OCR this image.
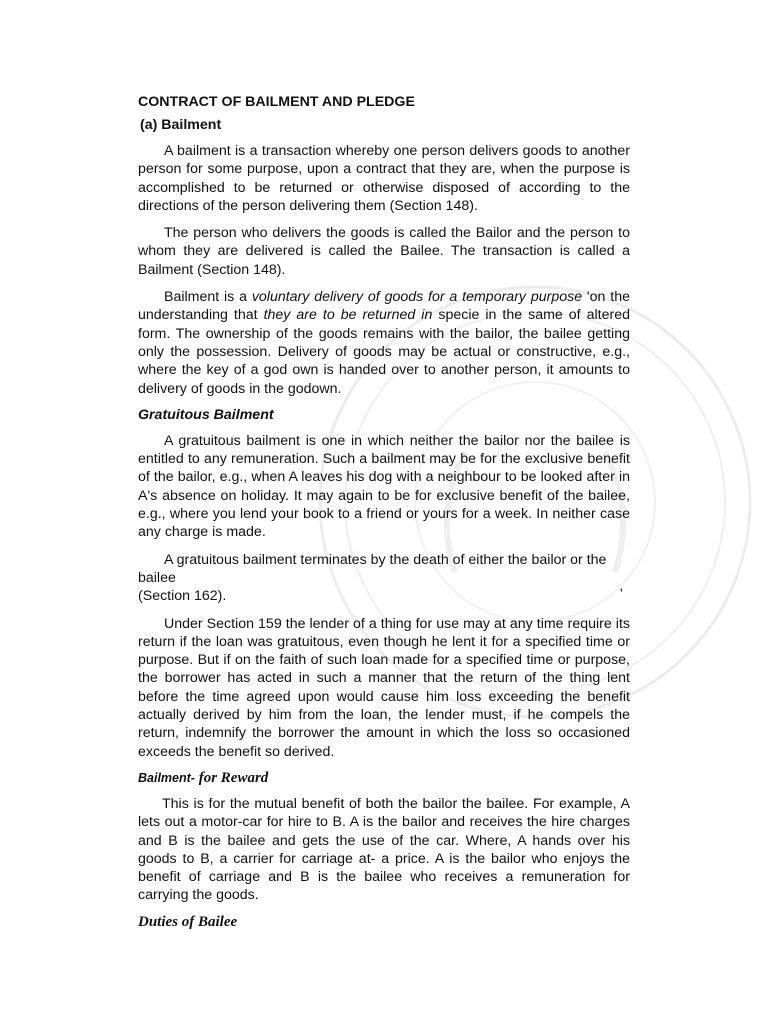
CONTRACT OF BAILMENT AND PLEDGE

(a) Bailment

A bailment is a transaction whereby one person delivers goods to another person for some purpose, upon a contract that they are, when the purpose is accomplished to be returned or otherwise disposed of according to the directions of the person delivering them (Section 148).

The person who delivers the goods is called the Bailor and the person to whom they are delivered is called the Bailee. The transaction is called a Bailment (Section 148).

Bailment is a voluntary delivery of goods for a temporary purpose 'on the understanding that they are to be returned in specie in the same of altered form. The ownership of the goods remains with the bailor, the bailee getting only the possession. Delivery of goods may be actual or constructive, e.g., where the key of a god own is handed over to another person, it amounts to delivery of goods in the godown.

Gratuitous Bailment

A gratuitous bailment is one in which neither the bailor nor the bailee is entitled to any remuneration. Such a bailment may be for the exclusive benefit of the bailor, e.g., when A leaves his dog with a neighbour to be looked after in A's absence on holiday. It may again to be for exclusive benefit of the bailee, e.g., where you lend your book to a friend or yours for a week. In neither case any charge is made.

A gratuitous bailment terminates by the death of either the bailor or the
bailee
(Section 162).

Under Section 159 the lender of a thing for use may at any time require its return if the loan was gratuitous, even though he lent it for a specified time or purpose. But if on the faith of such loan made for a specified time or purpose, the borrower has acted in such a manner that the return of the thing lent before the time agreed upon would cause him loss exceeding the benefit actually derived by him from the loan, the lender must, if he compels the return, indemnify the borrower the amount in which the loss so occasioned exceeds the benefit so derived.

Bailment- for Reward

This is for the mutual benefit of both the bailor the bailee. For example, A lets out a motor-car for hire to B. A is the bailor and receives the hire charges and B is the bailee and gets the use of the car. Where, A hands over his goods to B, a carrier for carriage at- a price. A is the bailor who enjoys the benefit of carriage and B is the bailee who receives a remuneration for carrying the goods.

Duties of Bailee

'
